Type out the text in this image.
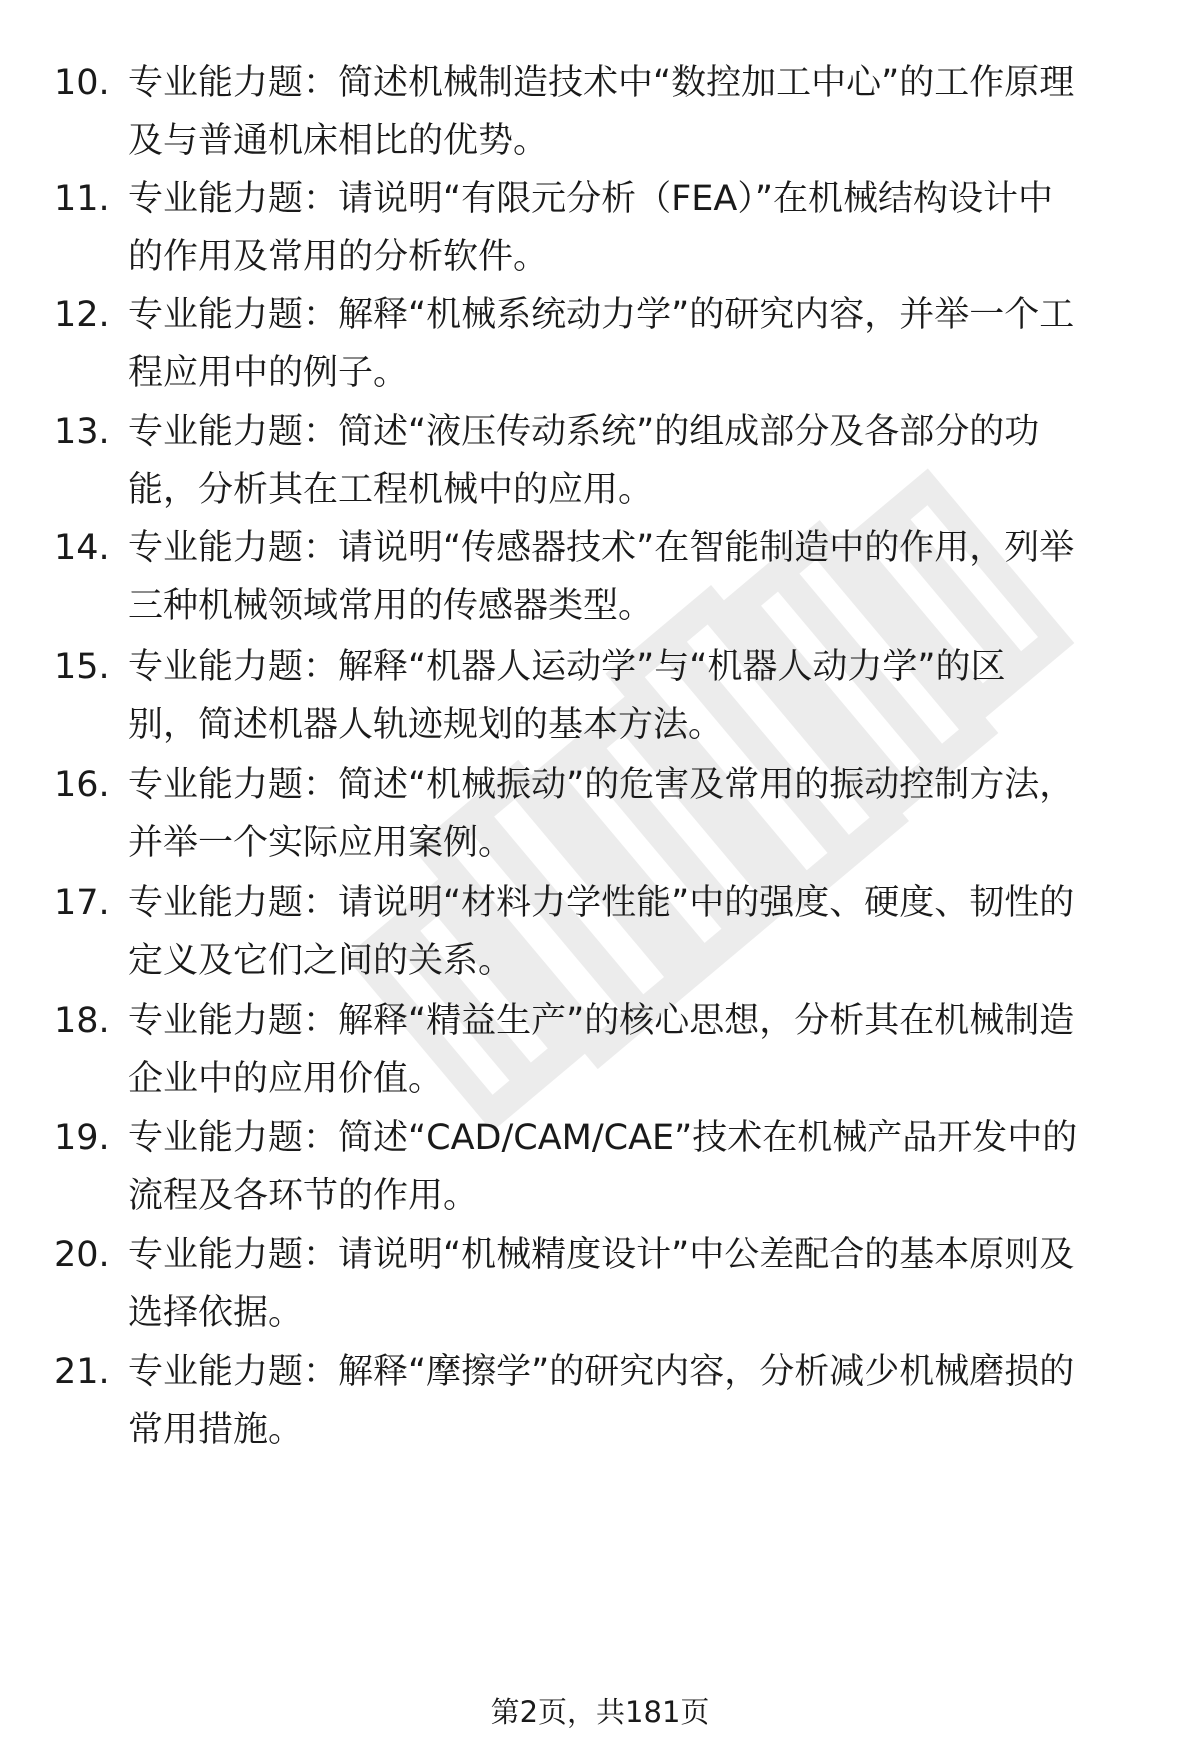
10. 专业能力题：简述机械制造技术中“数控加工中心”的工作原理
及与普通机床相比的优势。
11. 专业能力题：请说明“有限元分析（FEA）”在机械结构设计中
的作用及常用的分析软件。
12. 专业能力题：解释“机械系统动力学”的研究内容，并举一个工
程应用中的例子。
13. 专业能力题：简述“液压传动系统”的组成部分及各部分的功
能，分析其在工程机械中的应用。
14. 专业能力题：请说明“传感器技术”在智能制造中的作用，列举
三种机械领域常用的传感器类型。
15. 专业能力题：解释“机器人运动学”与“机器人动力学”的区
别，简述机器人轨迹规划的基本方法。
16. 专业能力题：简述“机械振动”的危害及常用的振动控制方法，
并举一个实际应用案例。
17. 专业能力题：请说明“材料力学性能”中的强度、硬度、韧性的
定义及它们之间的关系。
18. 专业能力题：解释“精益生产”的核心思想，分析其在机械制造
企业中的应用价值。
19. 专业能力题：简述“CAD/CAM/CAE”技术在机械产品开发中的
流程及各环节的作用。
20. 专业能力题：请说明“机械精度设计”中公差配合的基本原则及
选择依据。
21. 专业能力题：解释“摩擦学”的研究内容，分析减少机械磨损的
常用措施。
第2页，共181页
